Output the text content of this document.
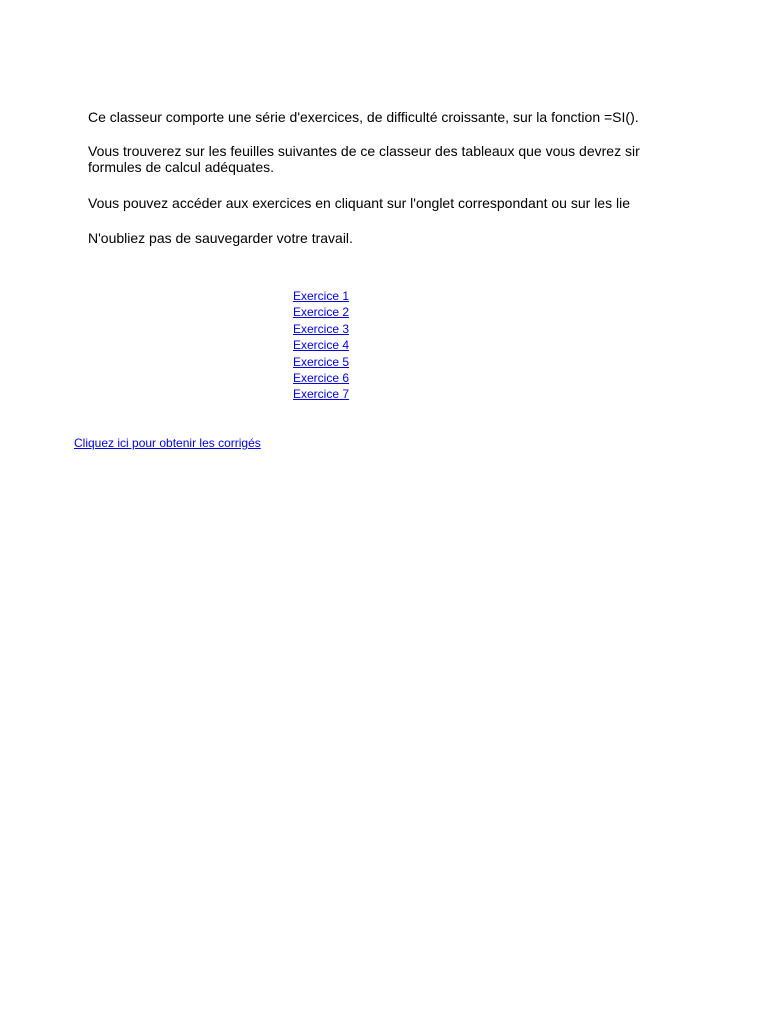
Ce classeur comporte une série d'exercices, de difficulté croissante, sur la fonction =SI().

Vous trouverez sur les feuilles suivantes de ce classeur des tableaux que vous devrez sir

formules de calcul adéquates.

Vous pouvez accéder aux exercices en cliquant sur l'onglet correspondant ou sur les lie

N'oubliez pas de sauvegarder votre travail.

Exercice 1
Exercice 2
Exercice 3
Exercice 4
Exercice 5
Exercice 6
Exercice 7
Cliquez ici pour obtenir les corrigés
